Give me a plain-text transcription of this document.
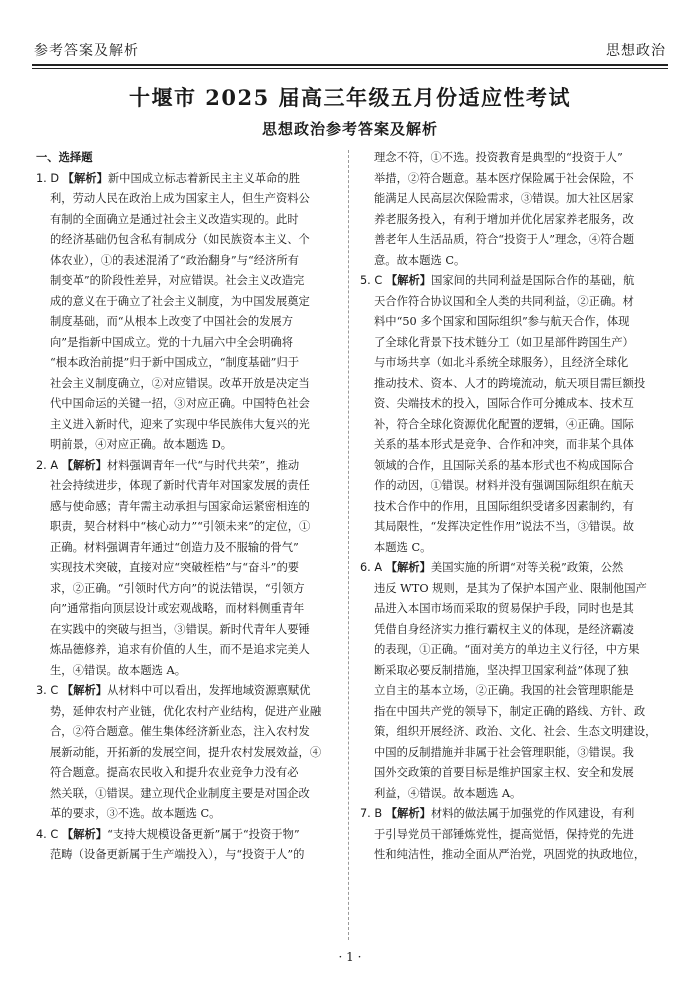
参考答案及解析	思想政治
十堰市 2025 届高三年级五月份适应性考试
思想政治参考答案及解析
一、选择题
1. D 【解析】新中国成立标志着新民主主义革命的胜
利，劳动人民在政治上成为国家主人，但生产资料公
有制的全面确立是通过社会主义改造实现的。此时
的经济基础仍包含私有制成分（如民族资本主义、个
体农业），①的表述混淆了“政治翻身”与“经济所有
制变革”的阶段性差异，对应错误。社会主义改造完
成的意义在于确立了社会主义制度，为中国发展奠定
制度基础，而“从根本上改变了中国社会的发展方
向”是指新中国成立。党的十九届六中全会明确将
“根本政治前提”归于新中国成立，“制度基础”归于
社会主义制度确立，②对应错误。改革开放是决定当
代中国命运的关键一招，③对应正确。中国特色社会
主义进入新时代，迎来了实现中华民族伟大复兴的光
明前景，④对应正确。故本题选 D。
2. A 【解析】材料强调青年一代“与时代共荣”，推动
社会持续进步，体现了新时代青年对国家发展的责任
感与使命感；青年需主动承担与国家命运紧密相连的
职责，契合材料中“核心动力”“引领未来”的定位，①
正确。材料强调青年通过“创造力及不服输的骨气”
实现技术突破，直接对应“突破桎梏”与“奋斗”的要
求，②正确。“引领时代方向”的说法错误，“引领方
向”通常指向顶层设计或宏观战略，而材料侧重青年
在实践中的突破与担当，③错误。新时代青年人要锤
炼品德修养，追求有价值的人生，而不是追求完美人
生，④错误。故本题选 A。
3. C 【解析】从材料中可以看出，发挥地域资源禀赋优
势，延伸农村产业链，优化农村产业结构，促进产业融
合，②符合题意。催生集体经济新业态，注入农村发
展新动能，开拓新的发展空间，提升农村发展效益，④
符合题意。提高农民收入和提升农业竞争力没有必
然关联，①错误。建立现代企业制度主要是对国企改
革的要求，③不选。故本题选 C。
4. C 【解析】“支持大规模设备更新”属于“投资于物”
范畴（设备更新属于生产端投入），与“投资于人”的
理念不符，①不选。投资教育是典型的“投资于人”
举措，②符合题意。基本医疗保险属于社会保险，不
能满足人民高层次保险需求，③错误。加大社区居家
养老服务投入，有利于增加并优化居家养老服务，改
善老年人生活品质，符合“投资于人”理念，④符合题
意。故本题选 C。
5. C 【解析】国家间的共同利益是国际合作的基础，航
天合作符合协议国和全人类的共同利益，②正确。材
料中“50 多个国家和国际组织”参与航天合作，体现
了全球化背景下技术链分工（如卫星部件跨国生产）
与市场共享（如北斗系统全球服务），且经济全球化
推动技术、资本、人才的跨境流动，航天项目需巨额投
资、尖端技术的投入，国际合作可分摊成本、技术互
补，符合全球化资源优化配置的逻辑，④正确。国际
关系的基本形式是竞争、合作和冲突，而非某个具体
领域的合作，且国际关系的基本形式也不构成国际合
作的动因，①错误。材料并没有强调国际组织在航天
技术合作中的作用，且国际组织受诸多因素制约，有
其局限性，“发挥决定性作用”说法不当，③错误。故
本题选 C。
6. A 【解析】美国实施的所谓“对等关税”政策，公然
违反 WTO 规则，是其为了保护本国产业、限制他国产
品进入本国市场而采取的贸易保护手段，同时也是其
凭借自身经济实力推行霸权主义的体现，是经济霸凌
的表现，①正确。“面对美方的单边主义行径，中方果
断采取必要反制措施，坚决捍卫国家利益”体现了独
立自主的基本立场，②正确。我国的社会管理职能是
指在中国共产党的领导下，制定正确的路线、方针、政
策，组织开展经济、政治、文化、社会、生态文明建设，
中国的反制措施并非属于社会管理职能，③错误。我
国外交政策的首要目标是维护国家主权、安全和发展
利益，④错误。故本题选 A。
7. B 【解析】材料的做法属于加强党的作风建设，有利
于引导党员干部锤炼党性，提高觉悟，保持党的先进
性和纯洁性，推动全面从严治党，巩固党的执政地位，
· 1 ·
